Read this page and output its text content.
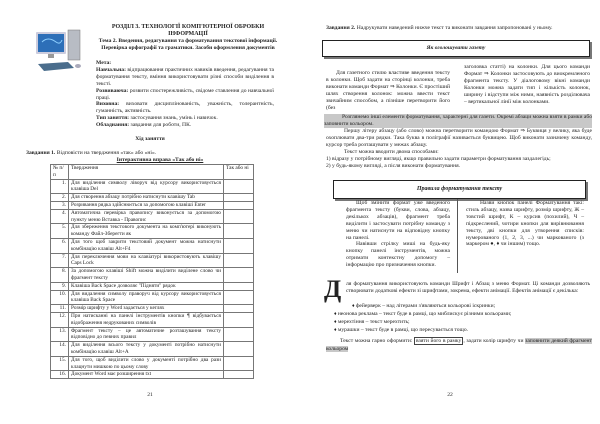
РОЗДІЛ 3. ТЕХНОЛОГІЇ КОМП'ЮТЕРНОЇ ОБРОБКИ ІНФОРМАЦІЇ
Тема 2. Введення, редагування та форматування текстової інформації. Перевірка орфографії та граматики. Засоби оформлення документів
Мета:
Навчальна: відпрацювання практичних навиків введення, редагування та форматування тексту, вміння використовувати різні способи виділення в тексті.
Розвиваюча: розвити спостережливість, свідоме ставлення до навчальної праці.
Виховна: виховати дисциплінованість, уважність, толерантність, гуманність, активність.
Тип заняття: застосування знань, умінь і навичок.
Обладнання: завдання для роботи, ПК.
Хід заняття
Завдання 1. Відповісти на твердження «так» або «ні».
Інтерактивна вправа «Так або ні»
№ п/п	Твердження	Так або ні
1.	Для виділення символу ліворуч від курсору використовується клавіша Del	
2.	Для створення абзацу потрібно натиснути клавішу Tab	
3.	Розривання рядка здійснюється за допомогою клавіші Enter	
4.	Автоматична перевірка правопису виконується за допомогою пункту меню Вставка - Правопис	
5.	Для збереження текстового документа на комп'ютері виконують команду Файл-Зберегти як	
6.	Для того щоб закрити текстовий документ можна натиснути комбінацію клавіш Alt+F4	
7.	Для переключення мови на клавіатурі використовують клавішу Caps Lock	
8.	За допомогою клавіші Shift можна виділити виділене слово чи фрагмент тексту	
9.	Клавіша Back Space дозволяє "Підняти" рядок	
10.	Для видалення символу праворуч від курсору використовується клавіша Back Space	
11.	Розмір шрифту у Word задається у кеглях	
12.	При натисканні на панелі інструментів кнопки ¶ відбувається відображення недрукованих символів	
13.	Фрагмент тексту – це автоматичне розташування тексту відповідно до певних правил	
14.	Для виділення всього тексту у документі потрібно натиснути комбінацію клавіш Alt+A	
15.	Для того, щоб виділити слово у документі потрібно два рази клацнути мишкою по цьому слову	
16.	Документ Word має розширення txt	
21
Завдання 2. Надрукувати наведений нижче текст та виконати завдання запропоновані у ньому.
Як оголошувати газету
Для газетного стилю властиве введення тексту в колонки. Щоб задати на сторінці колонки, треба виконати команди Формат ⇒ Колонки. Є простіший шлях створення колонок: можна ввести текст звичайним способом, а пізніше перетворити його (без
заголовка статті) на колонки. Для цього команди Формат ⇒ Колонки застосовують до виокремленого фрагмента тексту. У діалоговому вікні команди Колонки можна задати тип і кількість колонок, ширину і відступи між ними, наявність розділювача – вертикальної лінії між колонками.
Розглянемо інші елементи форматування, характерні для газети. Окремі абзаци можна взяти в рамки або заповнити кольором.
Першу літеру абзацу (або слово) можна перетворити командою Формат ⇒ Буквиця у велику, яка буде охоплювати два-три рядки. Така буква в поліграфії називається буквицею. Щоб виконати зазначену команду, курсор треба розташувати у межах абзацу.
Текст можна вводити двома способами:
1) відразу у потрібному вигляді, якщо правильно задати параметри форматування заздалегідь;
2) у будь-якому вигляді, а після виконати форматування.
Правила форматування тексту
Щоб змінити формат уже введеного фрагмента тексту (букви, слова, абзацу, декількох абзаців), фрагмент треба виділити і застосувати потрібну команду з меню чи натиснути на відповідну кнопку на панелі.
Навівши стрілку миші на будь-яку кнопку панелі інструментів, можна отримати контекстну допомогу – інформацію про призначення кнопки.
Назви кнопок панелі Форматування такі: стиль абзацу, назва шрифту, розмір шрифту, Ж – товстий шрифт, К – курсив (похилий), Ч – підкреслений, чотири кнопки для вирівнювання тексту, дві кнопки для утворення списків: нумерованого (1, 2, 3, ...) чи маркованого (з маркером ●, ♦ чи іншим) тощо.
Д ля форматування використовують команди Шрифт і Абзац з меню Формат. Ці команди дозволяють створювати додаткові ефекти зі шрифтами, зокрема, ефекти анімації. Ефектів анімації є декілька:
♦ фейерверк – над літерами з'являються кольорові іскринки;
♦ неонова реклама – текст буде в рамці, що миблискує різними кольорами;
♦ мерехтіння – текст мерехтить;
♦ мурашки – текст буде в рамці, що пересувається тощо.
Текст можна гарно оформити: взяти його в рамку , задати колір шрифту чи заповнити деякий фрагмент кольором
22
